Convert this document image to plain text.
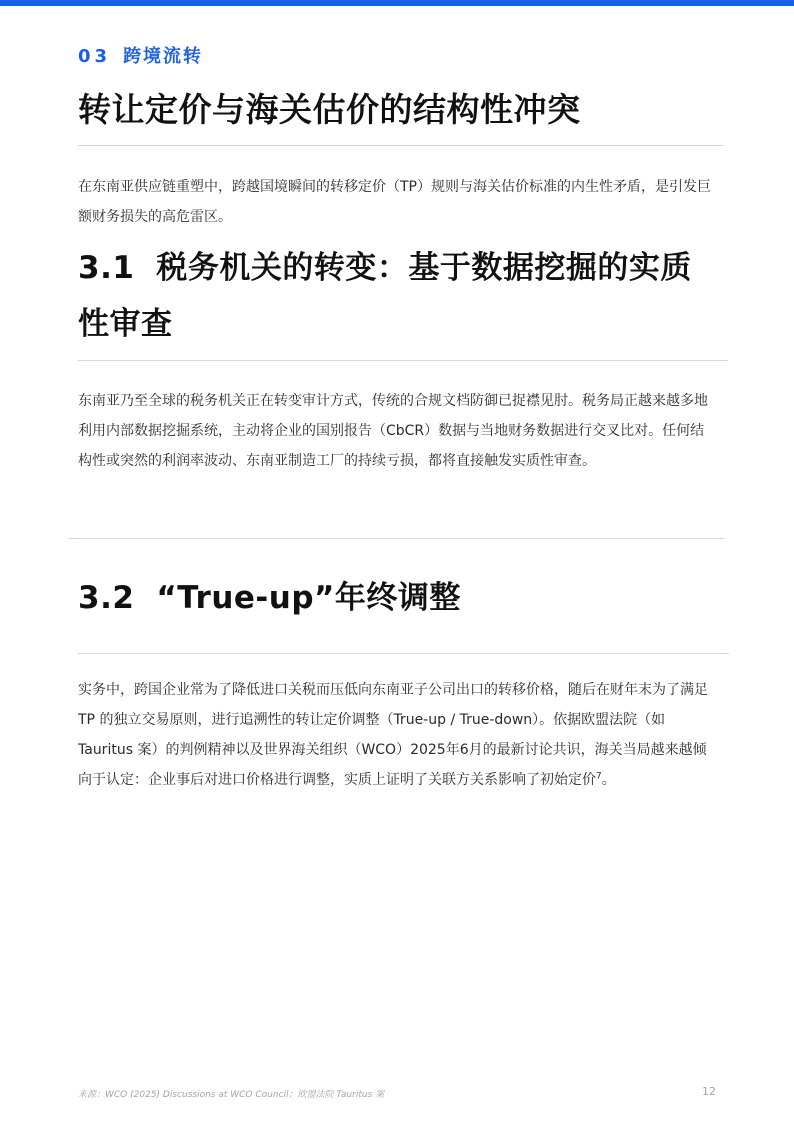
03 跨境流转
转让定价与海关估价的结构性冲突

在东南亚供应链重塑中，跨越国境瞬间的转移定价（TP）规则与海关估价标准的内生性矛盾，是引发巨额财务损失的高危雷区。

3.1 税务机关的转变：基于数据挖掘的实质性审查

东南亚乃至全球的税务机关正在转变审计方式，传统的合规文档防御已捉襟见肘。税务局正越来越多地利用内部数据挖掘系统，主动将企业的国别报告（CbCR）数据与当地财务数据进行交叉比对。任何结构性或突然的利润率波动、东南亚制造工厂的持续亏损，都将直接触发实质性审查。

3.2 “True-up”年终调整

实务中，跨国企业常为了降低进口关税而压低向东南亚子公司出口的转移价格，随后在财年末为了满足 TP 的独立交易原则，进行追溯性的转让定价调整（True-up / True-down）。依据欧盟法院（如 Tauritus 案）的判例精神以及世界海关组织（WCO）2025年6月的最新讨论共识，海关当局越来越倾向于认定：企业事后对进口价格进行调整，实质上证明了关联方关系影响了初始定价$^7$。

来源：WCO (2025) Discussions at WCO Council；欧盟法院 Tauritus 案	12
